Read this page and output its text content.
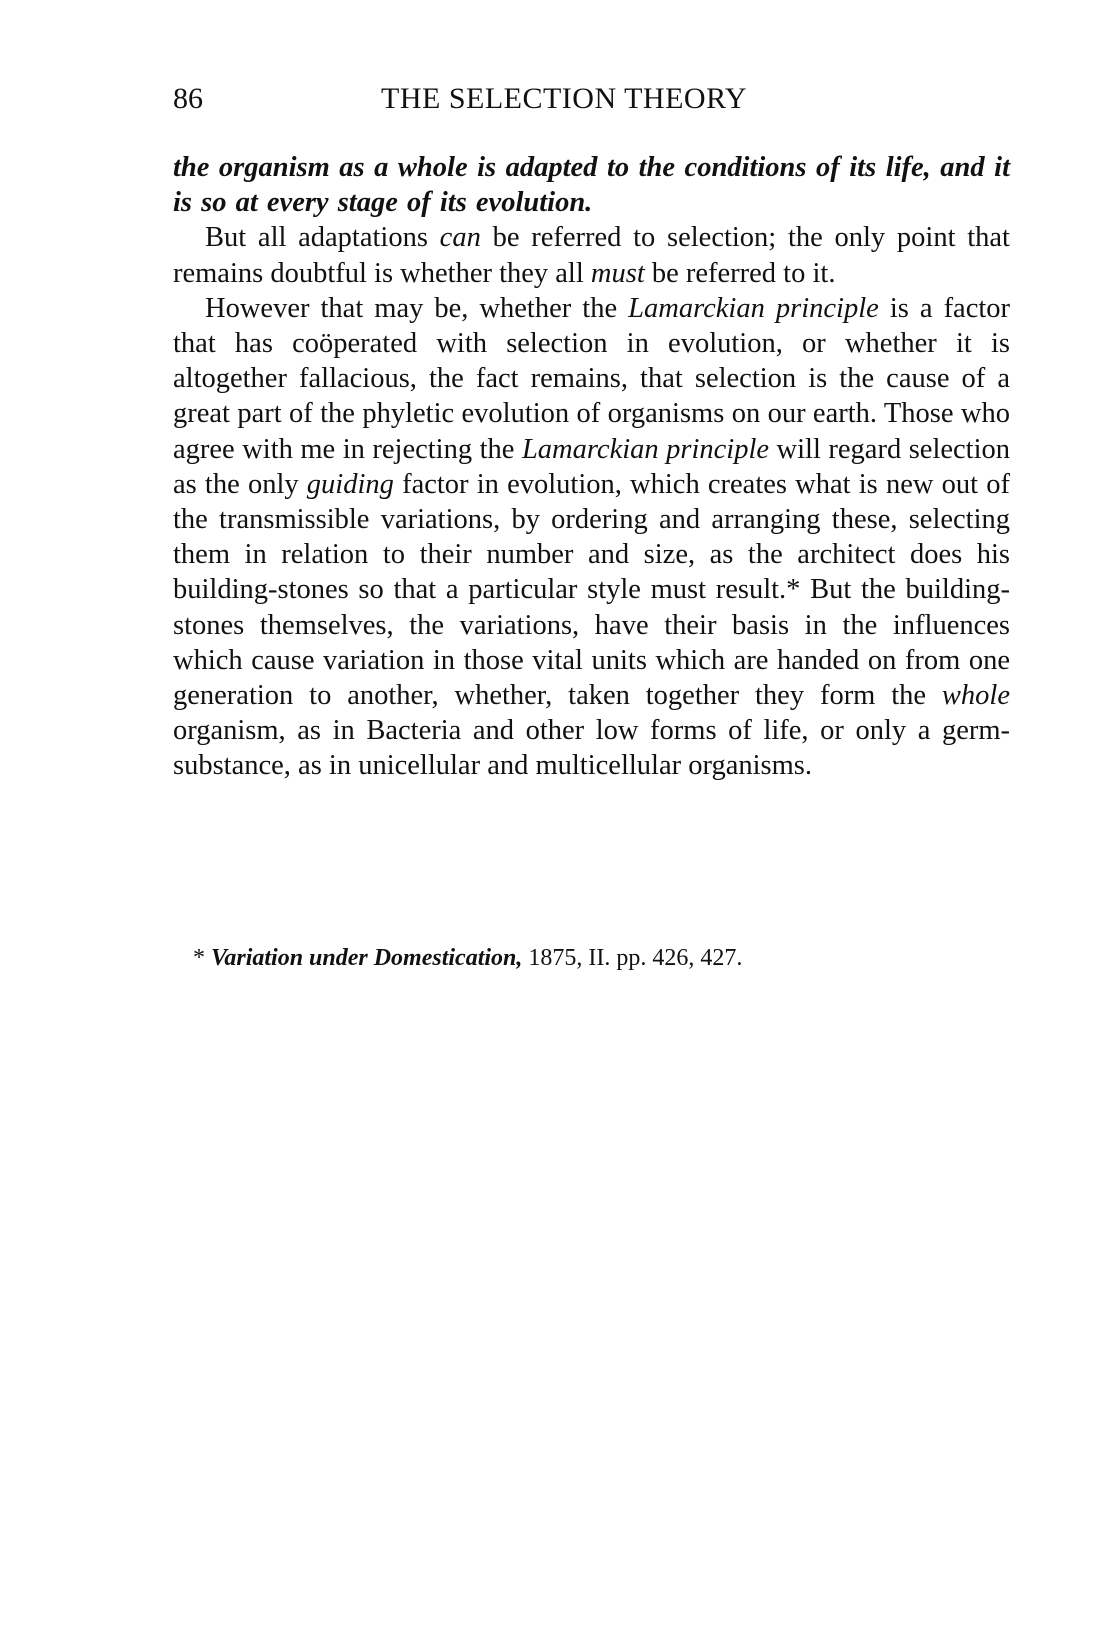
86	THE SELECTION THEORY

the organism as a whole is adapted to the conditions of its life, and it is so at every stage of its evolution.

But all adaptations can be referred to selection; the only point that remains doubtful is whether they all must be referred to it.

However that may be, whether the Lamarckian principle is a factor that has coöperated with selection in evolution, or whether it is altogether fallacious, the fact remains, that selection is the cause of a great part of the phyletic evolution of organisms on our earth. Those who agree with me in rejecting the Lamarckian principle will regard selection as the only guiding factor in evolution, which creates what is new out of the transmissible variations, by ordering and arranging these, selecting them in relation to their number and size, as the architect does his building-stones so that a particular style must result.* But the building-stones themselves, the variations, have their basis in the influences which cause variation in those vital units which are handed on from one generation to another, whether, taken together they form the whole organism, as in Bacteria and other low forms of life, or only a germ-substance, as in unicellular and multicellular organisms.

* Variation under Domestication, 1875, II. pp. 426, 427.
